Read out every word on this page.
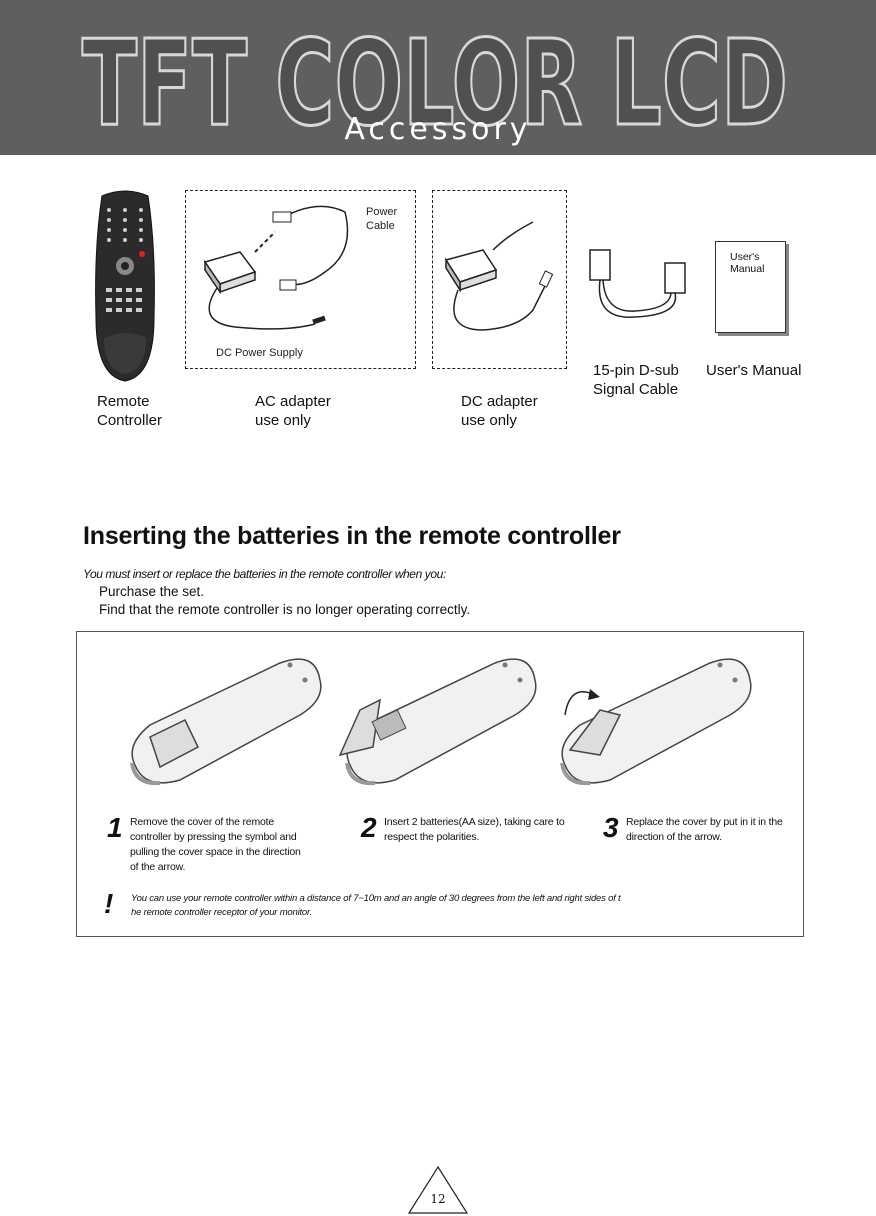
TFT COLOR LCD
Accessory
Remote
Controller
Power
Cable
DC Power Supply
AC adapter
use only
DC adapter
use only
15-pin D-sub
Signal Cable
User's
Manual
User's Manual
Inserting the batteries in the remote controller
You must insert or replace the batteries in the remote controller when you:
Purchase the set.
Find that the remote controller is no longer operating correctly.
1 Remove the cover of the remote
controller by pressing the symbol and
pulling the cover space in the direction
of the arrow.
2 Insert 2 batteries(AA size), taking care to
respect the polarities.	3 Replace the cover by put in it in the
direction of the arrow.
! You can use your remote controller within a distance of 7~10m and an angle of 30 degrees from the left and right sides of t
he remote controller receptor of your monitor.
12
